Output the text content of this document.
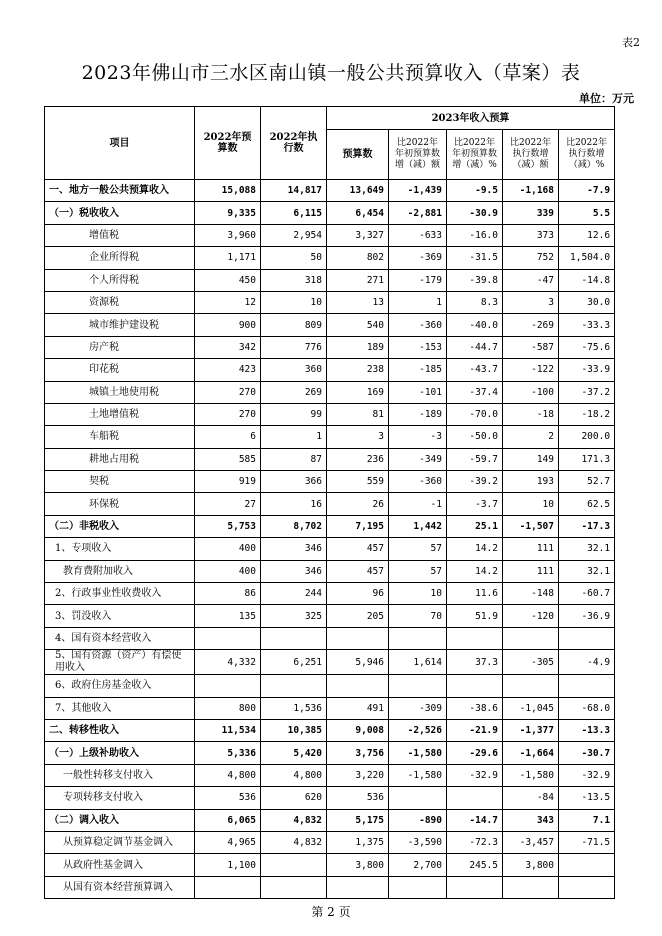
表2
2023年佛山市三水区南山镇一般公共预算收入（草案）表
单位：万元
项目	2022年预算数	2022年执行数	2023年收入预算				
			预算数	比2022年年初预算数增（减）额	比2022年年初预算数增（减）%	比2022年执行数增（减）额	比2022年执行数增（减）%
一、地方一般公共预算收入	15,088	14,817	13,649	-1,439	-9.5	-1,168	-7.9
（一）税收收入	9,335	6,115	6,454	-2,881	-30.9	339	5.5
增值税	3,960	2,954	3,327	-633	-16.0	373	12.6
企业所得税	1,171	50	802	-369	-31.5	752	1,504.0
个人所得税	450	318	271	-179	-39.8	-47	-14.8
资源税	12	10	13	1	8.3	3	30.0
城市维护建设税	900	809	540	-360	-40.0	-269	-33.3
房产税	342	776	189	-153	-44.7	-587	-75.6
印花税	423	360	238	-185	-43.7	-122	-33.9
城镇土地使用税	270	269	169	-101	-37.4	-100	-37.2
土地增值税	270	99	81	-189	-70.0	-18	-18.2
车船税	6	1	3	-3	-50.0	2	200.0
耕地占用税	585	87	236	-349	-59.7	149	171.3
契税	919	366	559	-360	-39.2	193	52.7
环保税	27	16	26	-1	-3.7	10	62.5
（二）非税收入	5,753	8,702	7,195	1,442	25.1	-1,507	-17.3
1、专项收入	400	346	457	57	14.2	111	32.1
教育费附加收入	400	346	457	57	14.2	111	32.1
2、行政事业性收费收入	86	244	96	10	11.6	-148	-60.7
3、罚没收入	135	325	205	70	51.9	-120	-36.9
4、国有资本经营收入							
5、国有资源（资产）有偿使用收入	4,332	6,251	5,946	1,614	37.3	-305	-4.9
6、政府住房基金收入							
7、其他收入	800	1,536	491	-309	-38.6	-1,045	-68.0
二、转移性收入	11,534	10,385	9,008	-2,526	-21.9	-1,377	-13.3
（一）上级补助收入	5,336	5,420	3,756	-1,580	-29.6	-1,664	-30.7
一般性转移支付收入	4,800	4,800	3,220	-1,580	-32.9	-1,580	-32.9
专项转移支付收入	536	620	536			-84	-13.5
（二）调入收入	6,065	4,832	5,175	-890	-14.7	343	7.1
从预算稳定调节基金调入	4,965	4,832	1,375	-3,590	-72.3	-3,457	-71.5
从政府性基金调入	1,100		3,800	2,700	245.5	3,800	
从国有资本经营预算调入							
第 2 页
